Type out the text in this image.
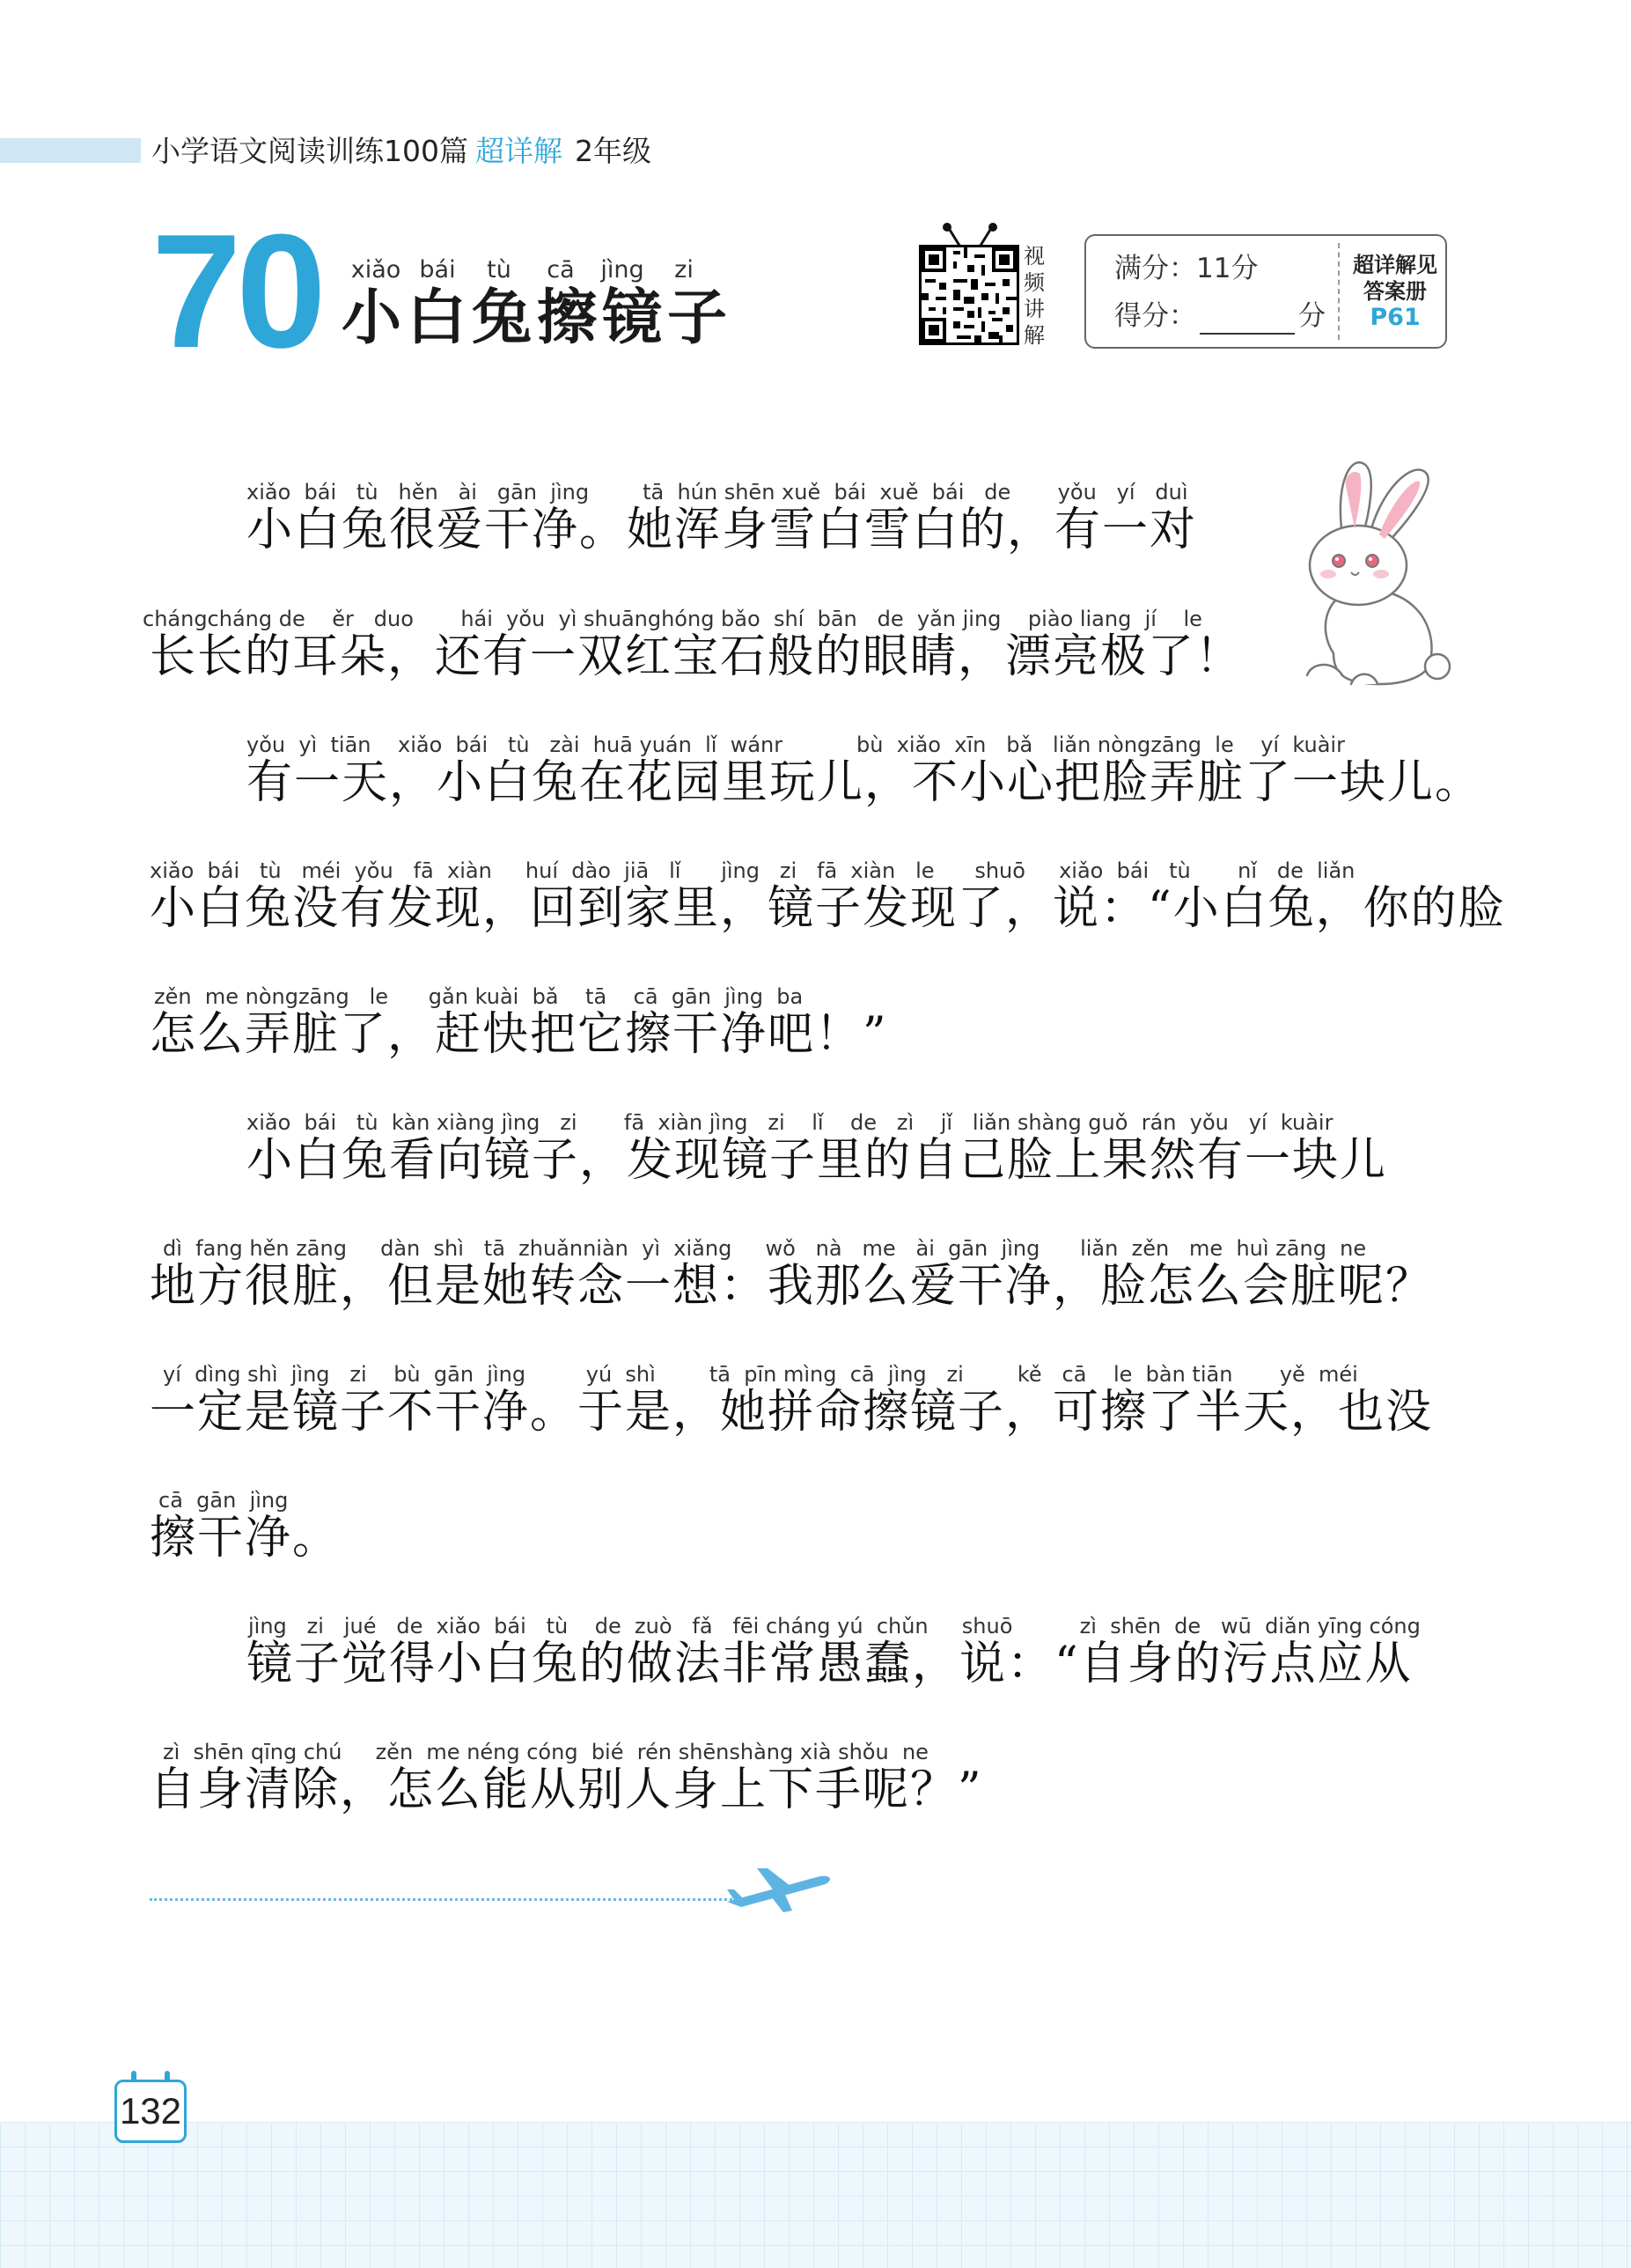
小学语文阅读训练100篇 超详解 2年级
70	xiǎo bái	tù	cā	jìng	zi
小白兔擦镜子
视频讲解
满分：11分
得分：	分
超详解见
答案册
P61
xiǎo  bái   tù   hěn   ài   gān  jìng        tā  hún shēn xuě  bái  xuě  bái   de       yǒu   yí   duì
小白兔很爱干净。她浑身雪白雪白的，有一对
chángcháng de    ěr   duo       hái  yǒu  yì shuānghóng bǎo  shí  bān   de  yǎn jing    piào liang  jí    le
长长的耳朵，还有一双红宝石般的眼睛，漂亮极了！
yǒu  yì  tiān    xiǎo  bái   tù   zài  huā yuán  lǐ  wánr           bù  xiǎo  xīn   bǎ   liǎn nòngzāng  le    yí  kuàir
有一天，小白兔在花园里玩儿，不小心把脸弄脏了一块儿。
xiǎo  bái   tù   méi  yǒu   fā  xiàn     huí  dào  jiā   lǐ      jìng   zi   fā  xiàn   le      shuō     xiǎo  bái   tù       nǐ   de  liǎn
小白兔没有发现，回到家里，镜子发现了，说：“小白兔，你的脸
zěn  me nòngzāng   le      gǎn kuài  bǎ    tā    cā  gān  jìng  ba
怎么弄脏了，赶快把它擦干净吧！”
xiǎo  bái   tù  kàn xiàng jìng   zi       fā  xiàn jìng   zi    lǐ    de   zì    jǐ   liǎn shàng guǒ  rán  yǒu   yí  kuàir
小白兔看向镜子，发现镜子里的自己脸上果然有一块儿
dì  fang hěn zāng     dàn  shì   tā  zhuǎnniàn  yì  xiǎng     wǒ   nà   me   ài  gān  jìng      liǎn  zěn   me  huì zāng  ne
地方很脏，但是她转念一想：我那么爱干净，脸怎么会脏呢？
yí  dìng shì  jìng   zi    bù  gān  jìng         yú  shì        tā  pīn mìng  cā  jìng   zi        kě   cā    le  bàn tiān       yě  méi
一定是镜子不干净。于是，她拼命擦镜子，可擦了半天，也没
cā  gān  jìng
擦干净。
jìng   zi   jué   de  xiǎo  bái   tù    de  zuò   fǎ   fēi cháng yú  chǔn     shuō          zì  shēn  de   wū  diǎn yīng cóng
镜子觉得小白兔的做法非常愚蠢，说：“自身的污点应从
zì  shēn qīng chú     zěn  me néng cóng  bié  rén shēnshàng xià shǒu  ne
自身清除，怎么能从别人身上下手呢？”
132
